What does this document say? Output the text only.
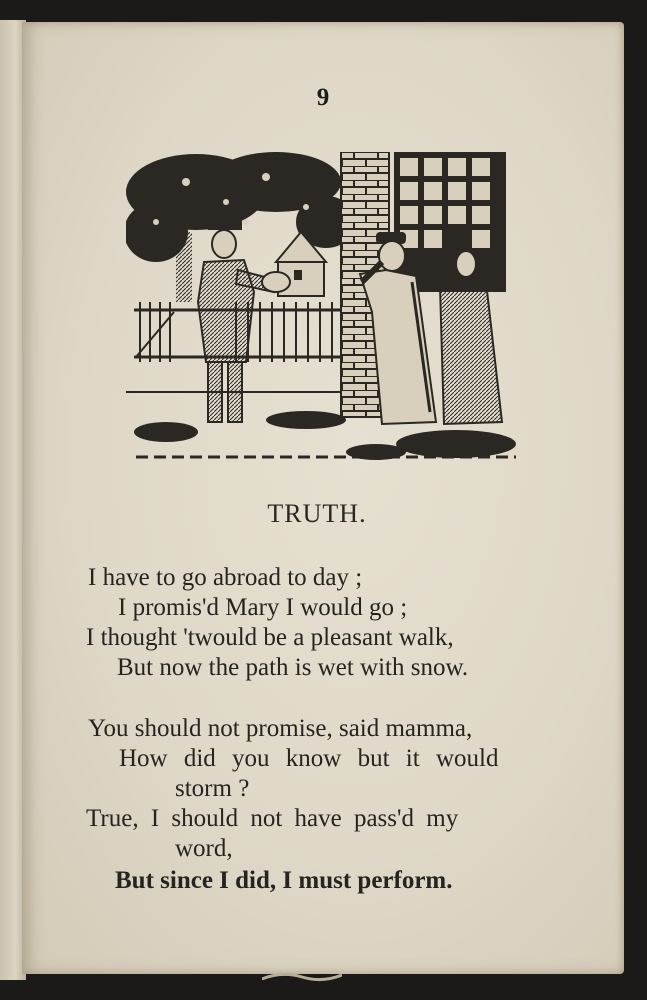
9
TRUTH.
I have to go abroad to day ;
I promis'd Mary I would go ;
I thought 'twould be a pleasant walk,
But now the path is wet with snow.
You should not promise, said mamma,
How did you know but it would
storm ?
True, I should not have pass'd my
word,
But since I did, I must perform.
